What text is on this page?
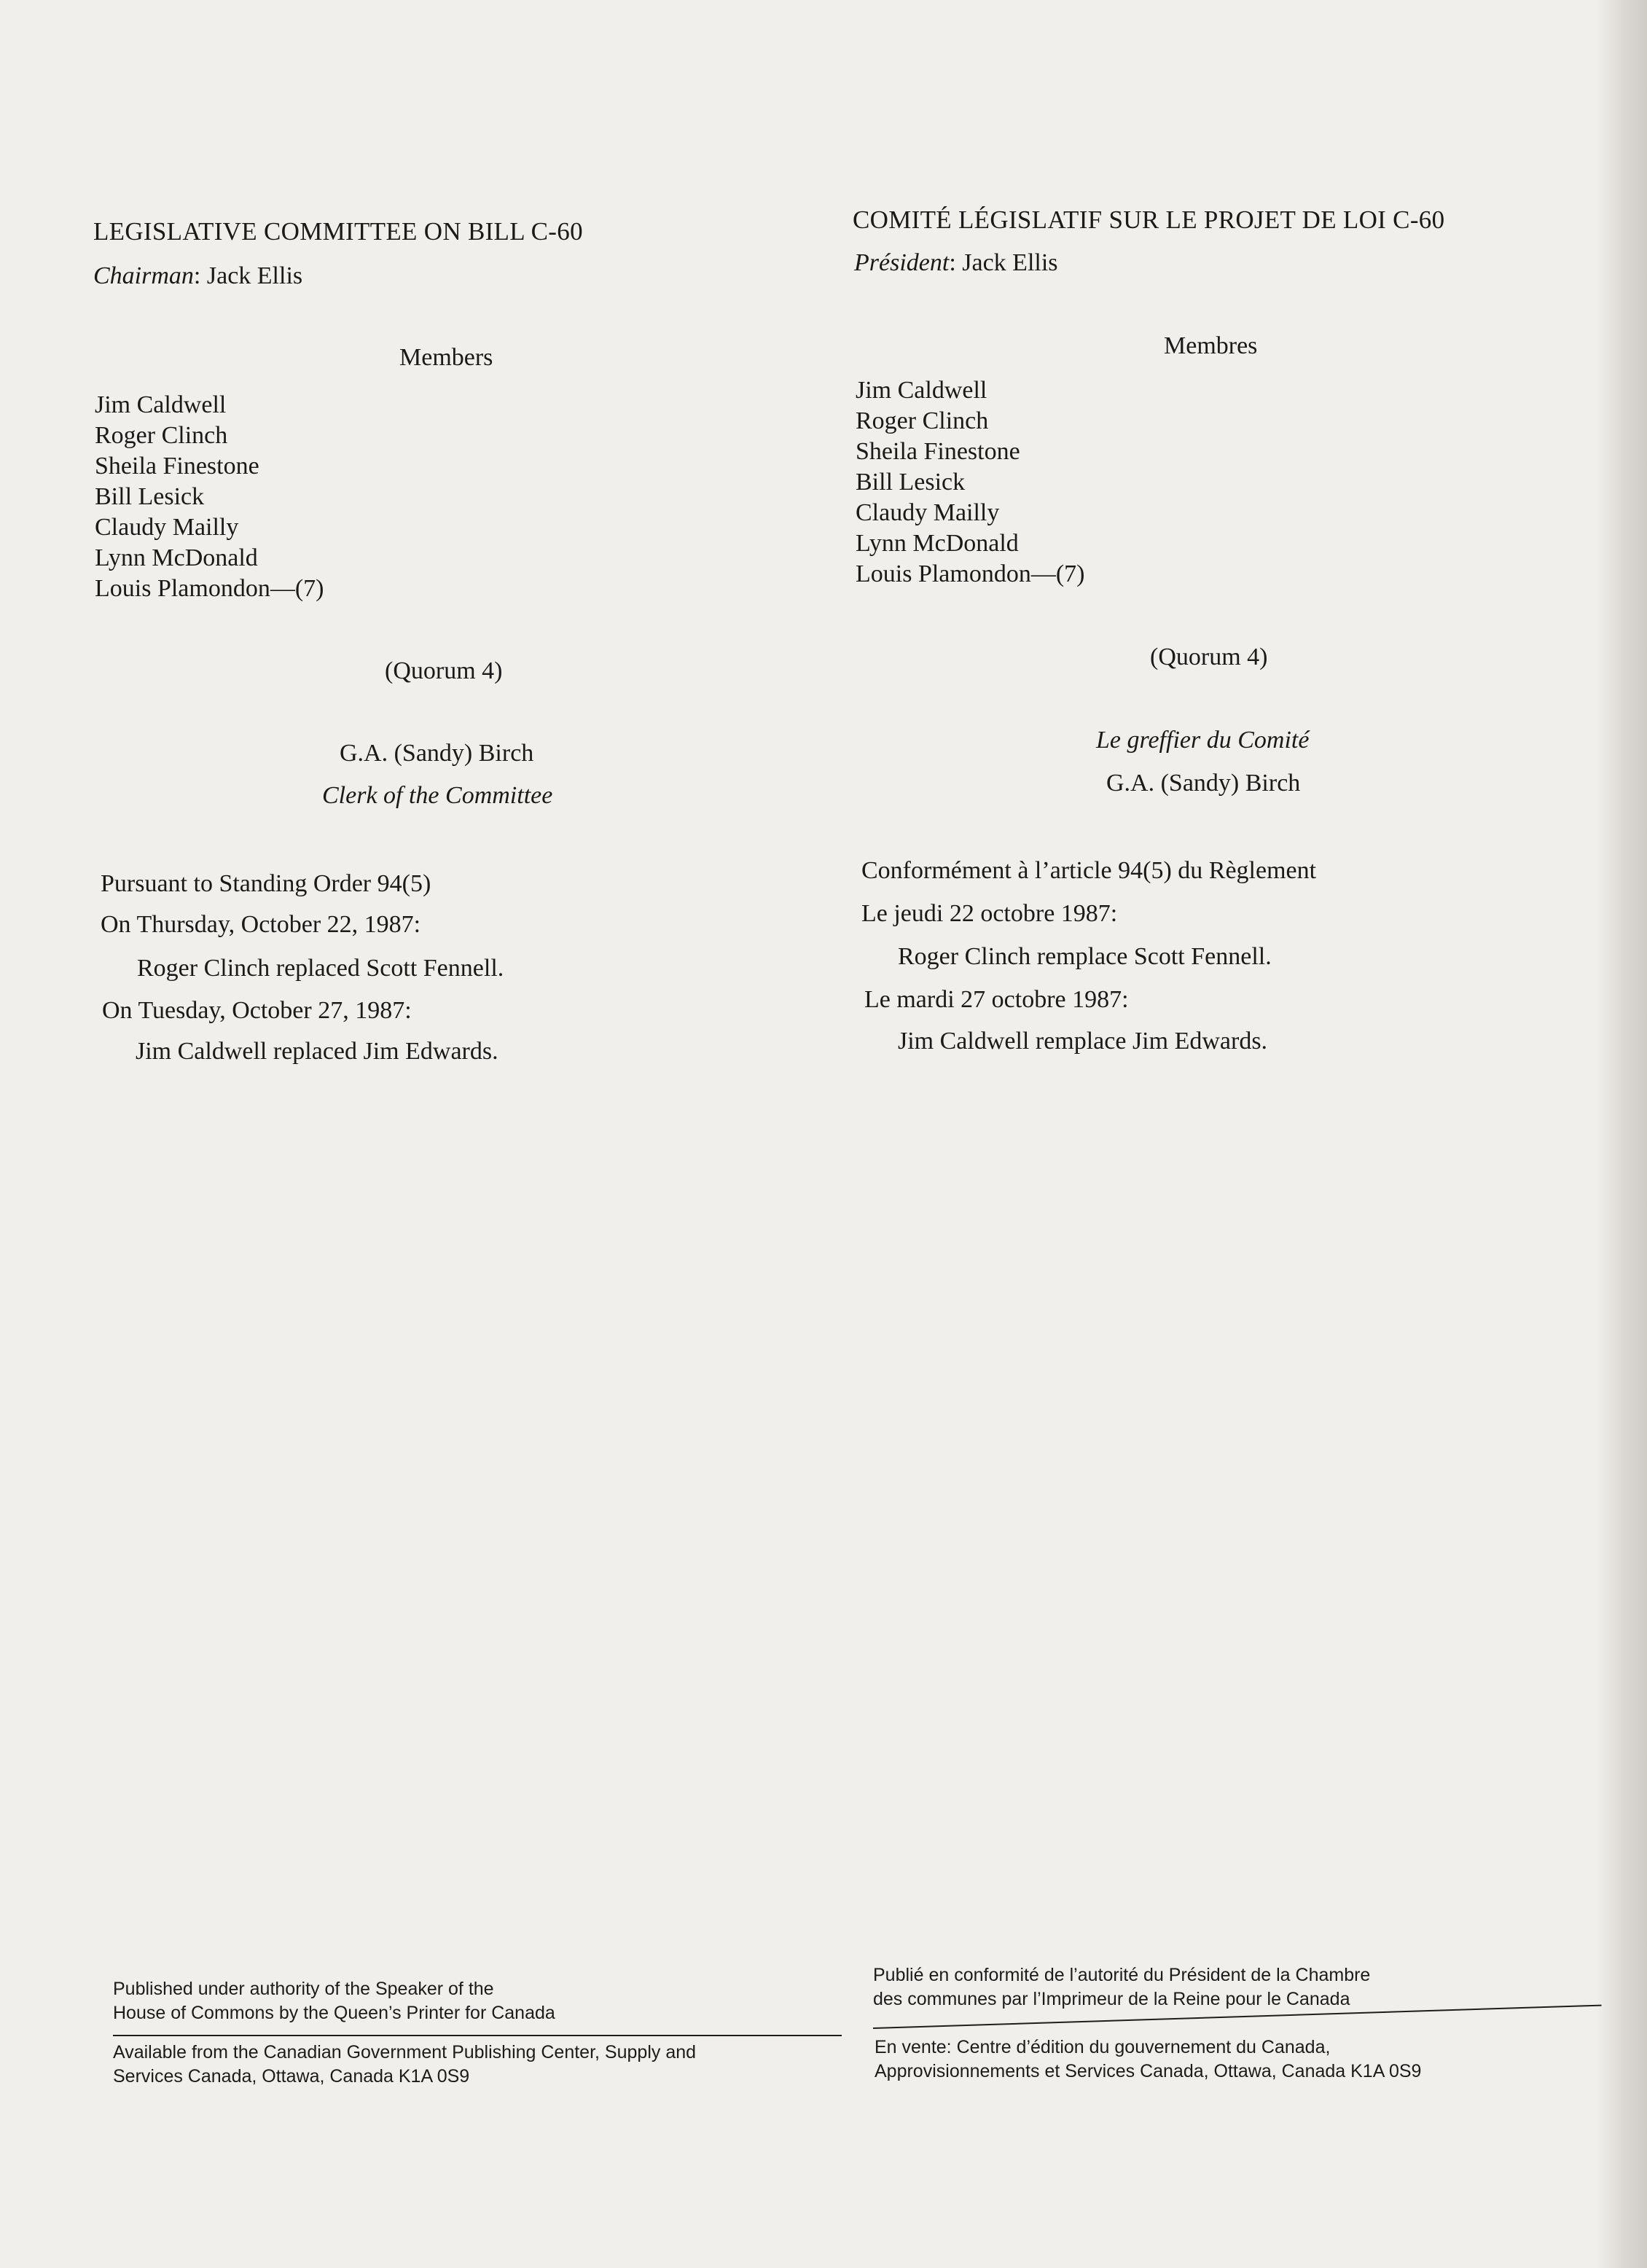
LEGISLATIVE COMMITTEE ON BILL C-60
Chairman: Jack Ellis
Members
Jim Caldwell
Roger Clinch
Sheila Finestone
Bill Lesick
Claudy Mailly
Lynn McDonald
Louis Plamondon—(7)
(Quorum 4)
G.A. (Sandy) Birch
Clerk of the Committee
Pursuant to Standing Order 94(5)
On Thursday, October 22, 1987:
Roger Clinch replaced Scott Fennell.
On Tuesday, October 27, 1987:
Jim Caldwell replaced Jim Edwards.
Published under authority of the Speaker of the
House of Commons by the Queen’s Printer for Canada
Available from the Canadian Government Publishing Center, Supply and
Services Canada, Ottawa, Canada K1A 0S9
COMITÉ LÉGISLATIF SUR LE PROJET DE LOI C-60
Président: Jack Ellis
Membres
Jim Caldwell
Roger Clinch
Sheila Finestone
Bill Lesick
Claudy Mailly
Lynn McDonald
Louis Plamondon—(7)
(Quorum 4)
Le greffier du Comité
G.A. (Sandy) Birch
Conformément à l’article 94(5) du Règlement
Le jeudi 22 octobre 1987:
Roger Clinch remplace Scott Fennell.
Le mardi 27 octobre 1987:
Jim Caldwell remplace Jim Edwards.
Publié en conformité de l’autorité du Président de la Chambre
des communes par l’Imprimeur de la Reine pour le Canada
En vente: Centre d’édition du gouvernement du Canada,
Approvisionnements et Services Canada, Ottawa, Canada K1A 0S9
